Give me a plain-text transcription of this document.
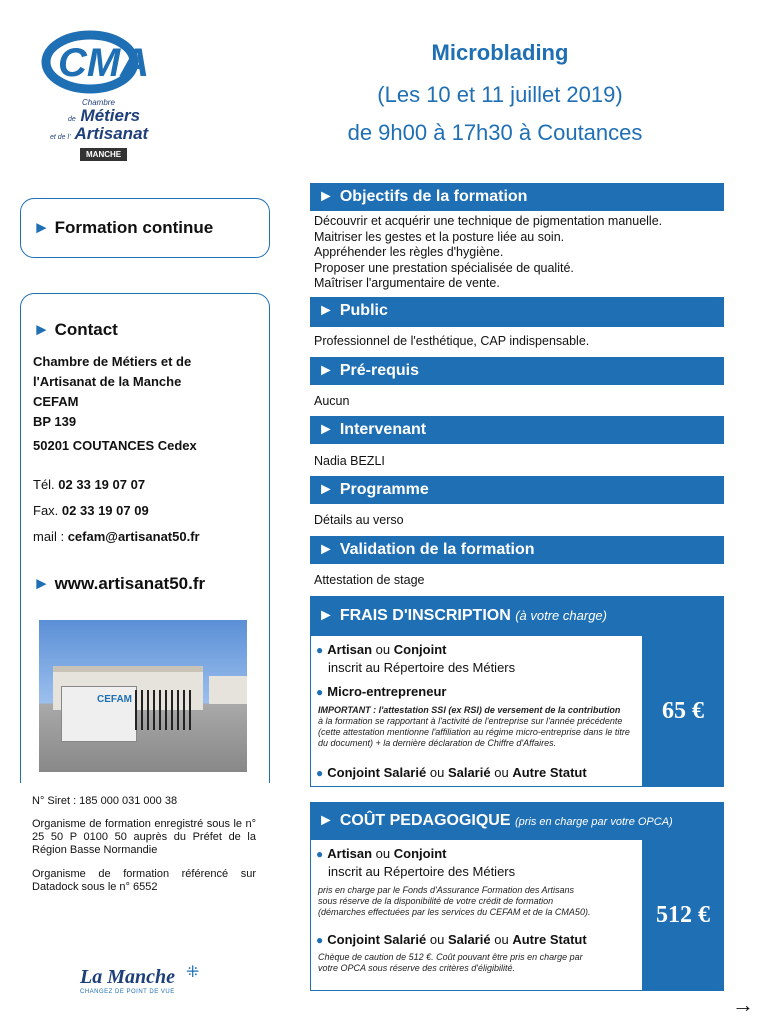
CMA
Chambre
de Métiers
et de l' Artisanat
MANCHE
Microblading
(Les 10 et 11 juillet 2019)
de 9h00 à 17h30 à Coutances
► Formation continue
► Contact
Chambre de Métiers et de
l'Artisanat de la Manche
CEFAM
BP 139
50201 COUTANCES Cedex
Tél. 02 33 19 07 07
Fax. 02 33 19 07 09
mail : cefam@artisanat50.fr
► www.artisanat50.fr
CEFAM
N° Siret : 185 000 031 000 38
Organisme de formation enregistré sous le n° 25 50 P 0100 50 auprès du Préfet de la Région Basse Normandie
Organisme de formation référencé sur Datadock sous le n° 6552
La Manche
CHANGEZ DE POINT DE VUE
⁜
► Objectifs de la formation
Découvrir et acquérir une technique de pigmentation manuelle.
Maitriser les gestes et la posture liée au soin.
Appréhender les règles d'hygiène.
Proposer une prestation spécialisée de qualité.
Maîtriser l'argumentaire de vente.
► Public
Professionnel de l'esthétique, CAP indispensable.
► Pré-requis
Aucun
► Intervenant
Nadia BEZLI
► Programme
Détails au verso
► Validation de la formation
Attestation de stage
► FRAIS D'INSCRIPTION (à votre charge)
65 €
● Artisan ou Conjoint
inscrit au Répertoire des Métiers
● Micro-entrepreneur
IMPORTANT : l'attestation SSI (ex RSI) de versement de la contribution
à la formation se rapportant à l'activité de l'entreprise sur l'année précédente
(cette attestation mentionne l'affiliation au régime micro-entreprise dans le titre
du document) + la dernière déclaration de Chiffre d'Affaires.
● Conjoint Salarié ou Salarié ou Autre Statut
► COÛT PEDAGOGIQUE (pris en charge par votre OPCA)
512 €
● Artisan ou Conjoint
inscrit au Répertoire des Métiers
pris en charge par le Fonds d'Assurance Formation des Artisans
sous réserve de la disponibilité de votre crédit de formation
(démarches effectuées par les services du CEFAM et de la CMA50).
● Conjoint Salarié ou Salarié ou Autre Statut
Chèque de caution de 512 €. Coût pouvant être pris en charge par
votre OPCA sous réserve des critères d'éligibilité.
→
